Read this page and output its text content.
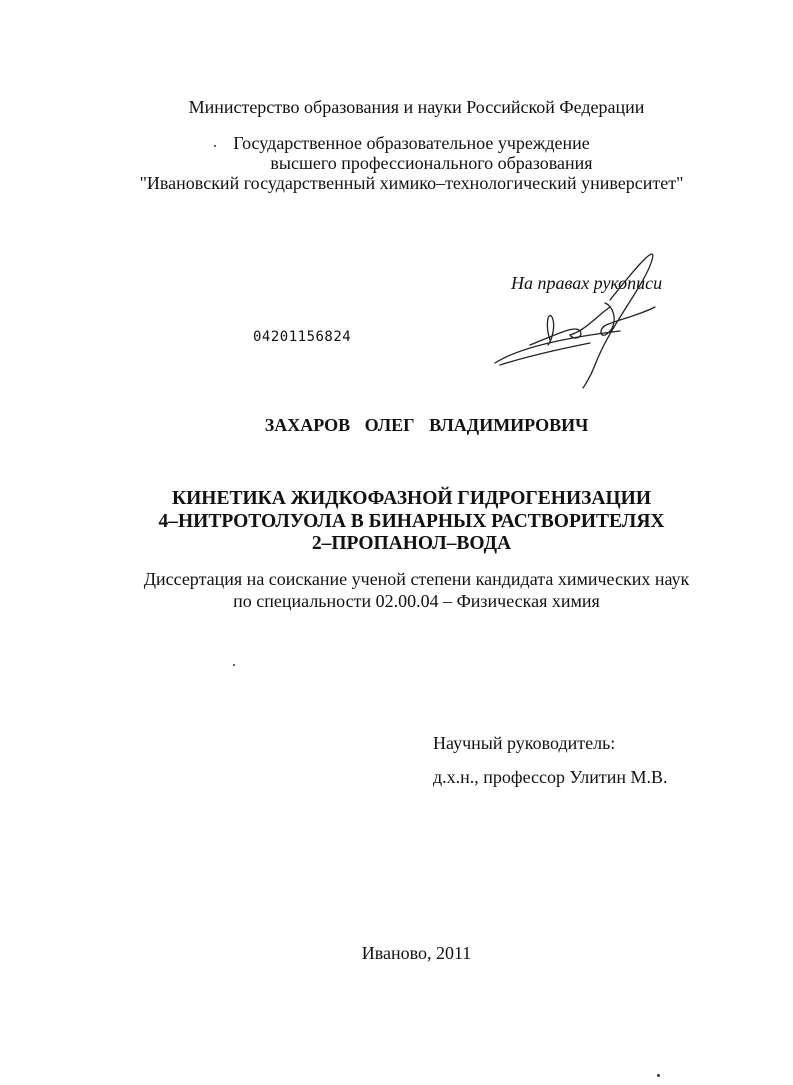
Министерство образования и науки Российской Федерации
Государственное образовательное учреждение
высшего профессионального образования
"Ивановский государственный химико–технологический университет"
На правах рукописи
04201156824
ЗАХАРОВ ОЛЕГ ВЛАДИМИРОВИЧ
КИНЕТИКА ЖИДКОФАЗНОЙ ГИДРОГЕНИЗАЦИИ
4–НИТРОТОЛУОЛА В БИНАРНЫХ РАСТВОРИТЕЛЯХ
2–ПРОПАНОЛ–ВОДА
Диссертация на соискание ученой степени кандидата химических наук
по специальности 02.00.04 – Физическая химия
Научный руководитель:
д.х.н., профессор Улитин М.В.
Иваново, 2011
